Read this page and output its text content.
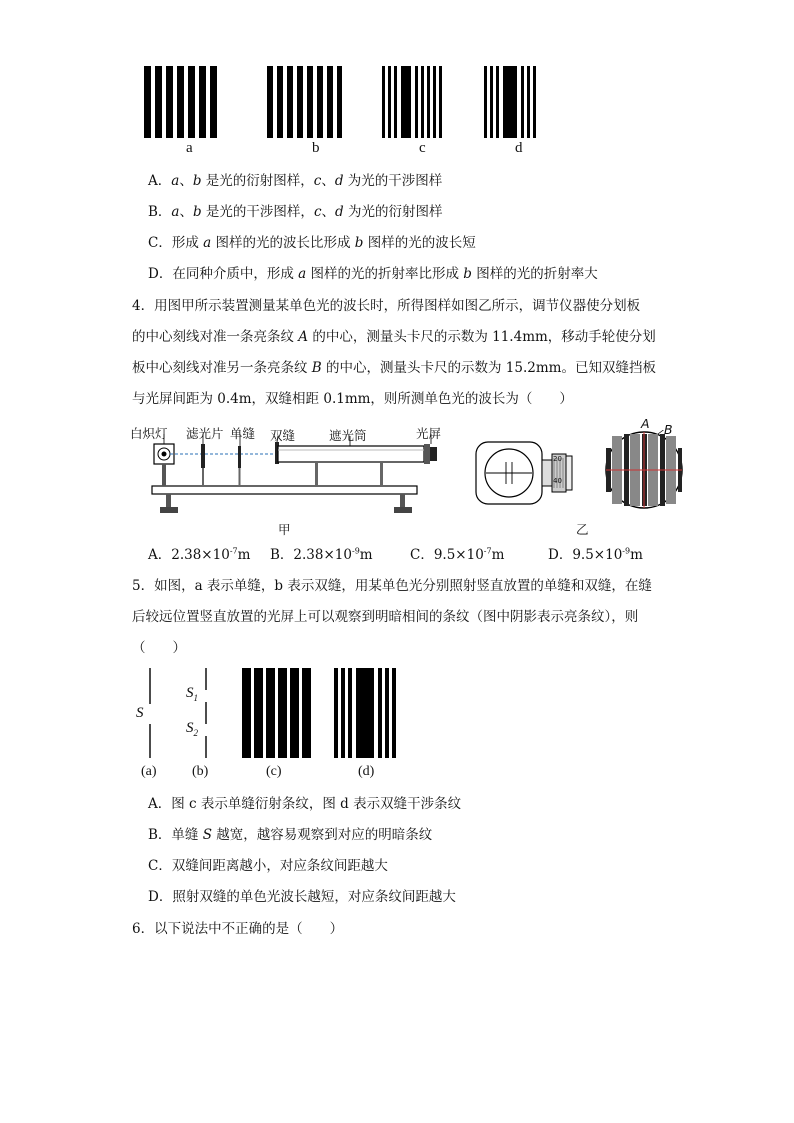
a	b	c	d
A．a、b 是光的衍射图样，c、d 为光的干涉图样
B．a、b 是光的干涉图样，c、d 为光的衍射图样
C．形成 a 图样的光的波长比形成 b 图样的光的波长短
D．在同种介质中，形成 a 图样的光的折射率比形成 b 图样的光的折射率大
4．用图甲所示装置测量某单色光的波长时，所得图样如图乙所示，调节仪器使分划板
的中心刻线对准一条亮条纹 A 的中心，测量头卡尺的示数为 11.4mm，移动手轮使分划
板中心刻线对准另一条亮条纹 B 的中心，测量头卡尺的示数为 15.2mm。已知双缝挡板
与光屏间距为 0.4m，双缝相距 0.1mm，则所测单色光的波长为（　　）
白炽灯 滤光片 单缝 双缝	遮光筒	光屏
甲
20
40
A B
乙
A．$2.38\times 10^{-7}m$ B．$2.38\times 10^{-9}m$	C．$9.5\times 10^{-7}m$	D．$9.5\times 10^{-9}m$
5．如图，a 表示单缝，b 表示双缝，用某单色光分别照射竖直放置的单缝和双缝，在缝
后较远位置竖直放置的光屏上可以观察到明暗相间的条纹（图中阴影表示亮条纹），则
（　　）
S
$S_1$
$S_2$
(a)	(b)	(c)	(d)
A．图 c 表示单缝衍射条纹，图 d 表示双缝干涉条纹
B．单缝 S 越宽，越容易观察到对应的明暗条纹
C．双缝间距离越小，对应条纹间距越大
D．照射双缝的单色光波长越短，对应条纹间距越大
6．以下说法中不正确的是（　　）
